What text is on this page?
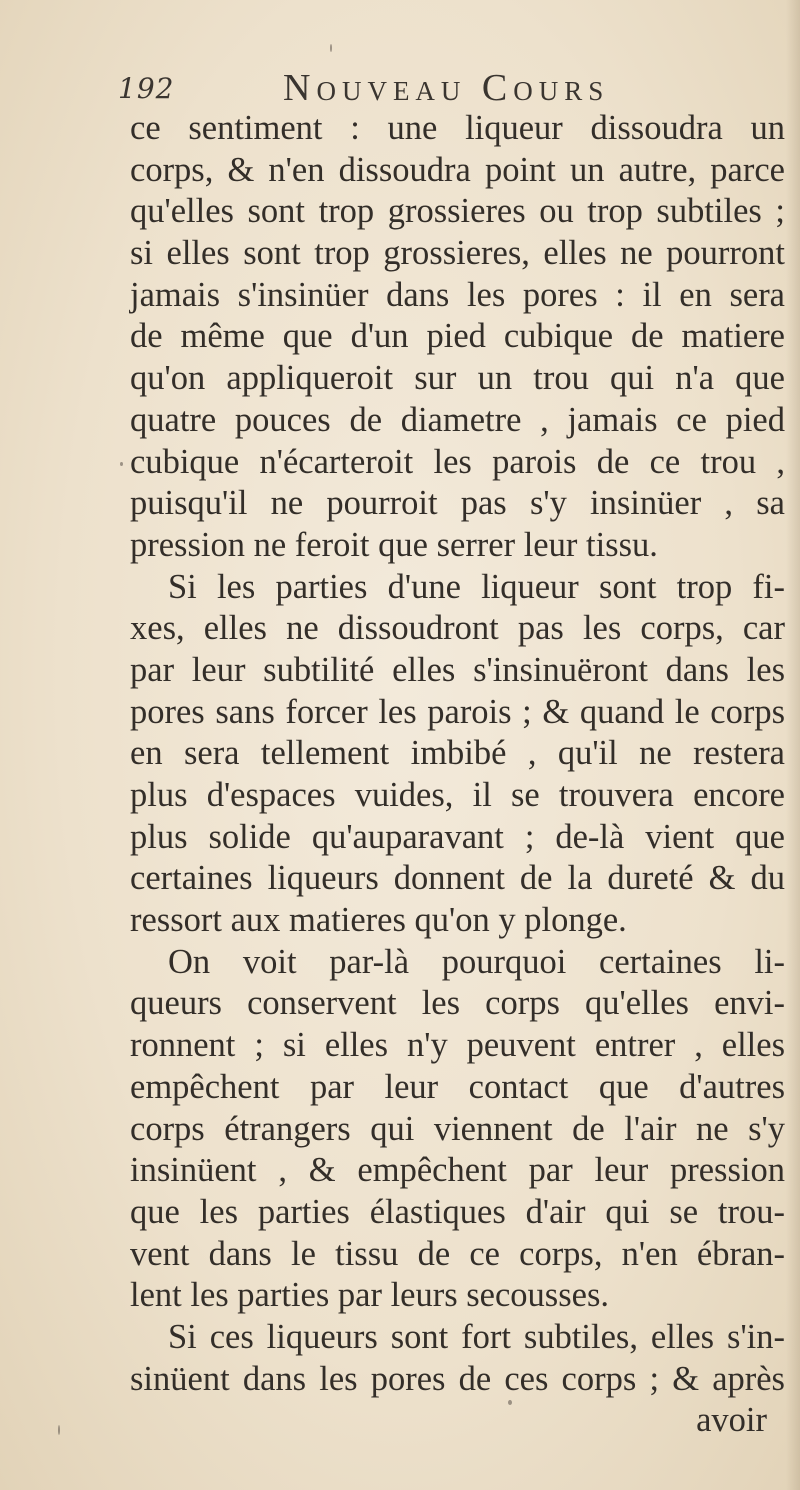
192	Nouveau Cours
ce sentiment : une liqueur dissoudra un
corps, & n'en dissoudra point un autre, parce
qu'elles sont trop grossieres ou trop subtiles ;
si elles sont trop grossieres, elles ne pourront
jamais s'insinüer dans les pores : il en sera
de même que d'un pied cubique de matiere
qu'on appliqueroit sur un trou qui n'a que
quatre pouces de diametre , jamais ce pied
cubique n'écarteroit les parois de ce trou ,
puisqu'il ne pourroit pas s'y insinüer , sa
pression ne feroit que serrer leur tissu.
Si les parties d'une liqueur sont trop fi-
xes, elles ne dissoudront pas les corps, car
par leur subtilité elles s'insinuëront dans les
pores sans forcer les parois ; & quand le corps
en sera tellement imbibé , qu'il ne restera
plus d'espaces vuides, il se trouvera encore
plus solide qu'auparavant ; de-là vient que
certaines liqueurs donnent de la dureté & du
ressort aux matieres qu'on y plonge.
On voit par-là pourquoi certaines li-
queurs conservent les corps qu'elles envi-
ronnent ; si elles n'y peuvent entrer , elles
empêchent par leur contact que d'autres
corps étrangers qui viennent de l'air ne s'y
insinüent , & empêchent par leur pression
que les parties élastiques d'air qui se trou-
vent dans le tissu de ce corps, n'en ébran-
lent les parties par leurs secousses.
Si ces liqueurs sont fort subtiles, elles s'in-
sinüent dans les pores de ces corps ; & après
avoir
